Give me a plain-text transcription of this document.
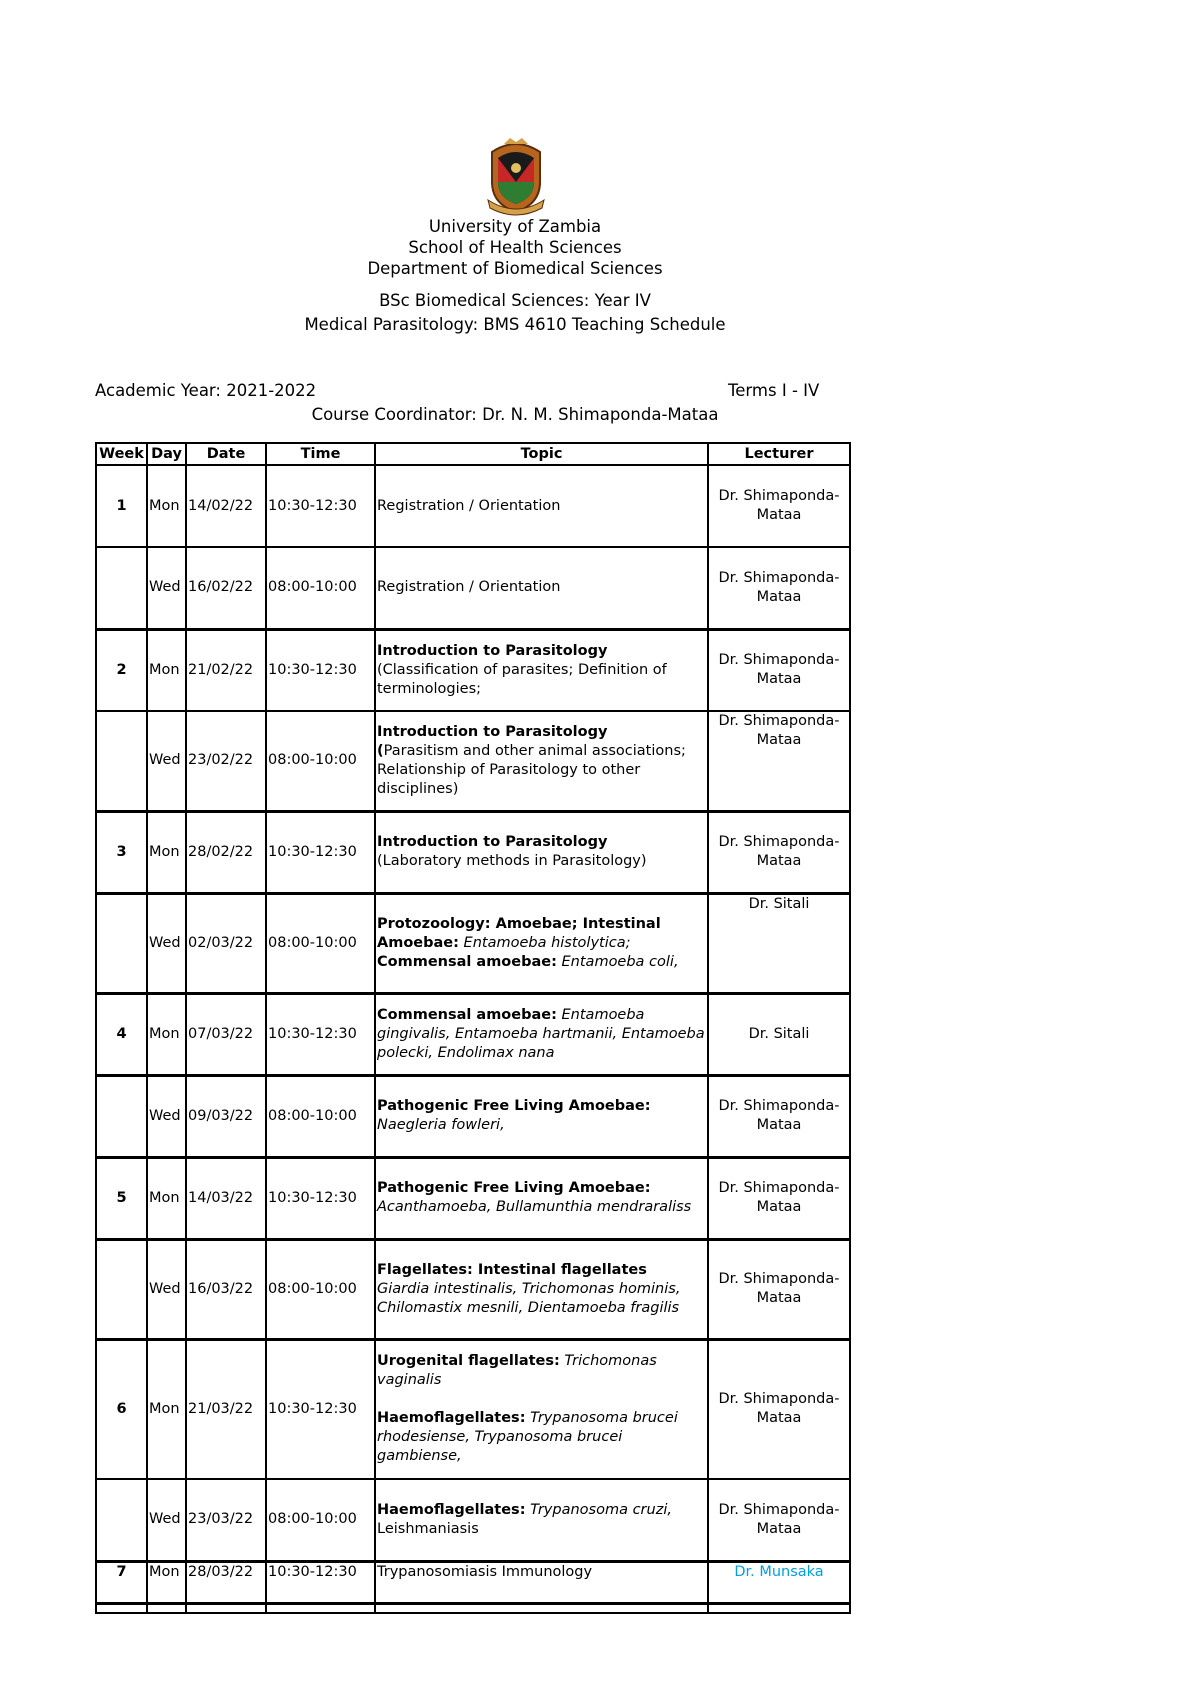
University of Zambia
School of Health Sciences
Department of Biomedical Sciences
BSc Biomedical Sciences: Year IV
Medical Parasitology: BMS 4610 Teaching Schedule
Academic Year: 2021-2022	Terms I - IV
Course Coordinator: Dr. N. M. Shimaponda-Mataa
Week	Day	Date	Time	Topic	Lecturer
1	Mon	14/02/22	10:30-12:30	Registration / Orientation	Dr. Shimaponda-Mataa
	Wed	16/02/22	08:00-10:00	Registration / Orientation	Dr. Shimaponda-Mataa
2	Mon	21/02/22	10:30-12:30	Introduction to Parasitology
(Classification of parasites; Definition of terminologies;	Dr. Shimaponda-Mataa
	Wed	23/02/22	08:00-10:00	Introduction to Parasitology
(Parasitism and other animal associations; Relationship of Parasitology to other disciplines)	Dr. Shimaponda-Mataa
3	Mon	28/02/22	10:30-12:30	Introduction to Parasitology
(Laboratory methods in Parasitology)	Dr. Shimaponda-Mataa
	Wed	02/03/22	08:00-10:00	Protozoology: Amoebae; Intestinal Amoebae: Entamoeba histolytica; Commensal amoebae: Entamoeba coli,	Dr. Sitali
4	Mon	07/03/22	10:30-12:30	Commensal amoebae: Entamoeba gingivalis, Entamoeba hartmanii, Entamoeba polecki, Endolimax nana	Dr. Sitali
	Wed	09/03/22	08:00-10:00	Pathogenic Free Living Amoebae:
Naegleria fowleri,	Dr. Shimaponda-Mataa
5	Mon	14/03/22	10:30-12:30	Pathogenic Free Living Amoebae:
Acanthamoeba, Bullamunthia mendraraliss	Dr. Shimaponda-Mataa
	Wed	16/03/22	08:00-10:00	Flagellates: Intestinal flagellates
Giardia intestinalis, Trichomonas hominis, Chilomastix mesnili, Dientamoeba fragilis	Dr. Shimaponda-Mataa
6	Mon	21/03/22	10:30-12:30	Urogenital flagellates: Trichomonas vaginalis
Haemoflagellates: Trypanosoma brucei rhodesiense, Trypanosoma brucei gambiense,	Dr. Shimaponda-Mataa
	Wed	23/03/22	08:00-10:00	Haemoflagellates: Trypanosoma cruzi, Leishmaniasis	Dr. Shimaponda-Mataa
7	Mon	28/03/22	10:30-12:30	Trypanosomiasis Immunology	Dr. Munsaka
